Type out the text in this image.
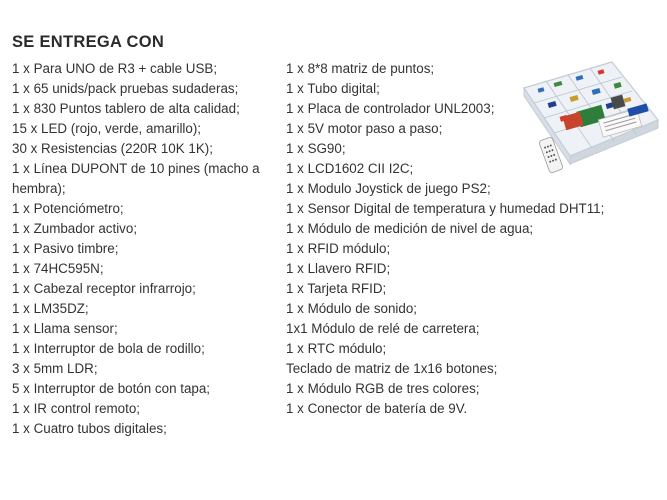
SE ENTREGA CON
1 x Para UNO de R3 + cable USB;
1 x 65 unids/pack pruebas sudaderas;
1 x 830 Puntos tablero de alta calidad;
15 x LED (rojo, verde, amarillo);
30 x Resistencias (220R 10K 1K);
1 x Línea DUPONT de 10 pines (macho a
hembra);
1 x Potenciómetro;
1 x Zumbador activo;
1 x Pasivo timbre;
1 x 74HC595N;
1 x Cabezal receptor infrarrojo;
1 x LM35DZ;
1 x Llama sensor;
1 x Interruptor de bola de rodillo;
3 x 5mm LDR;
5 x Interruptor de botón con tapa;
1 x IR control remoto;
1 x Cuatro tubos digitales;
1 x 8*8 matriz de puntos;
1 x Tubo digital;
1 x Placa de controlador UNL2003;
1 x 5V motor paso a paso;
1 x SG90;
1 x LCD1602 CII I2C;
1 x Modulo Joystick de juego PS2;
1 x Sensor Digital de temperatura y humedad DHT11;
1 x Módulo de medición de nivel de agua;
1 x RFID módulo;
1 x Llavero RFID;
1 x Tarjeta RFID;
1 x Módulo de sonido;
1x1 Módulo de relé de carretera;
1 x RTC módulo;
Teclado de matriz de 1x16 botones;
1 x Módulo RGB de tres colores;
1 x Conector de batería de 9V.
